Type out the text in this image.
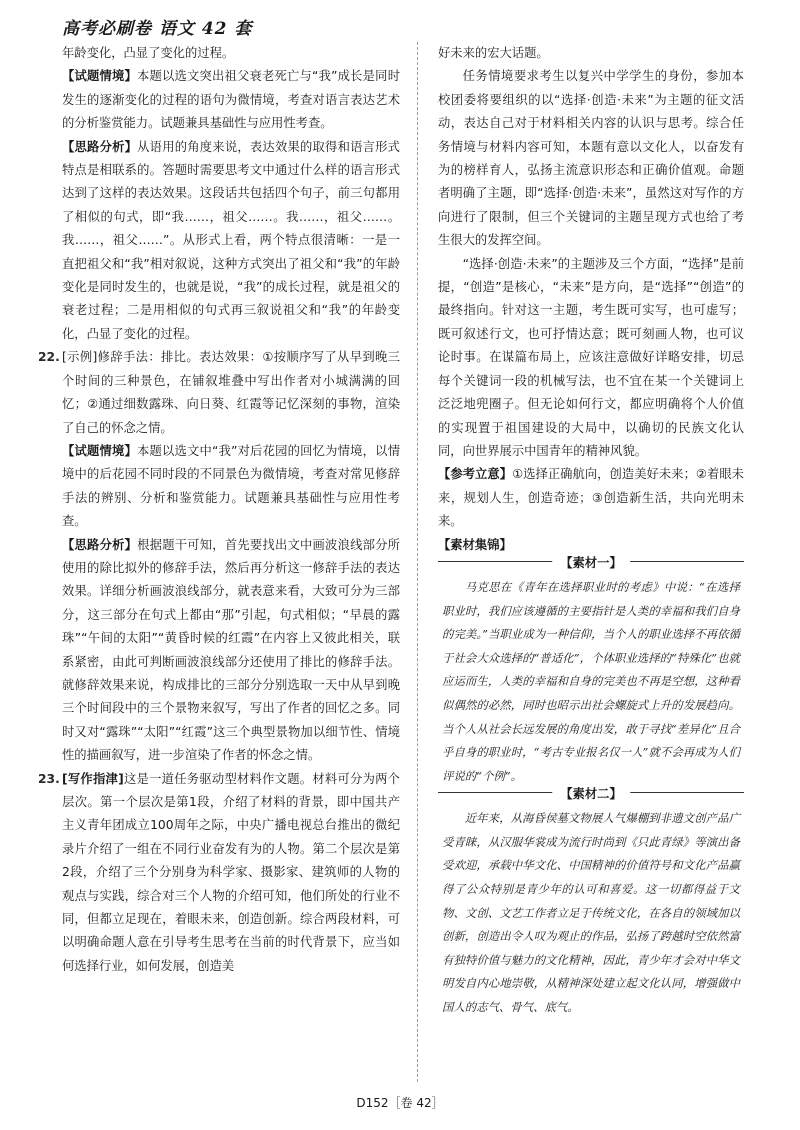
高考必刷卷 语文 42 套

年龄变化，凸显了变化的过程。

【试题情境】本题以选文突出祖父衰老死亡与“我”成长是同时发生的逐渐变化的过程的语句为微情境，考查对语言表达艺术的分析鉴赏能力。试题兼具基础性与应用性考查。

【思路分析】从语用的角度来说，表达效果的取得和语言形式特点是相联系的。答题时需要思考文中通过什么样的语言形式达到了这样的表达效果。这段话共包括四个句子，前三句都用了相似的句式，即“我……，祖父……。我……，祖父……。我……，祖父……”。从形式上看，两个特点很清晰：一是一直把祖父和“我”相对叙说，这种方式突出了祖父和“我”的年龄变化是同时发生的，也就是说，“我”的成长过程，就是祖父的衰老过程；二是用相似的句式再三叙说祖父和“我”的年龄变化，凸显了变化的过程。

22. [示例]修辞手法：排比。表达效果：①按顺序写了从早到晚三个时间的三种景色，在铺叙堆叠中写出作者对小城满满的回忆；②通过细数露珠、向日葵、红霞等记忆深刻的事物，渲染了自己的怀念之情。

【试题情境】本题以选文中“我”对后花园的回忆为情境，以情境中的后花园不同时段的不同景色为微情境，考查对常见修辞手法的辨别、分析和鉴赏能力。试题兼具基础性与应用性考查。

【思路分析】根据题干可知，首先要找出文中画波浪线部分所使用的除比拟外的修辞手法，然后再分析这一修辞手法的表达效果。详细分析画波浪线部分，就表意来看，大致可分为三部分，这三部分在句式上都由“那”引起，句式相似；“早晨的露珠”“午间的太阳”“黄昏时候的红霞”在内容上又彼此相关，联系紧密，由此可判断画波浪线部分还使用了排比的修辞手法。就修辞效果来说，构成排比的三部分分别选取一天中从早到晚三个时间段中的三个景物来叙写，写出了作者的回忆之多。同时又对“露珠”“太阳”“红霞”这三个典型景物加以细节性、情境性的描画叙写，进一步渲染了作者的怀念之情。

23. [写作指津]这是一道任务驱动型材料作文题。材料可分为两个层次。第一个层次是第1段，介绍了材料的背景，即中国共产主义青年团成立100周年之际，中央广播电视总台推出的微纪录片介绍了一组在不同行业奋发有为的人物。第二个层次是第2段，介绍了三个分别身为科学家、摄影家、建筑师的人物的观点与实践，综合对三个人物的介绍可知，他们所处的行业不同，但都立足现在，着眼未来，创造创新。综合两段材料，可以明确命题人意在引导考生思考在当前的时代背景下，应当如何选择行业，如何发展，创造美

好未来的宏大话题。

任务情境要求考生以复兴中学学生的身份，参加本校团委将要组织的以“选择·创造·未来”为主题的征文活动，表达自己对于材料相关内容的认识与思考。综合任务情境与材料内容可知，本题有意以文化人，以奋发有为的榜样育人，弘扬主流意识形态和正确价值观。命题者明确了主题，即“选择·创造·未来”，虽然这对写作的方向进行了限制，但三个关键词的主题呈现方式也给了考生很大的发挥空间。

“选择·创造·未来”的主题涉及三个方面，“选择”是前提，“创造”是核心，“未来”是方向，是“选择”“创造”的最终指向。针对这一主题，考生既可实写，也可虚写；既可叙述行文，也可抒情达意；既可刻画人物，也可议论时事。在谋篇布局上，应该注意做好详略安排，切忌每个关键词一段的机械写法，也不宜在某一个关键词上泛泛地兜圈子。但无论如何行文，都应明确将个人价值的实现置于祖国建设的大局中，以确切的民族文化认同，向世界展示中国青年的精神风貌。

【参考立意】①选择正确航向，创造美好未来；②着眼未来，规划人生，创造奇迹；③创造新生活，共向光明未来。

【素材集锦】

【素材一】

马克思在《青年在选择职业时的考虑》中说：“在选择职业时，我们应该遵循的主要指针是人类的幸福和我们自身的完美。”当职业成为一种信仰，当个人的职业选择不再依循于社会大众选择的“普适化”，个体职业选择的“特殊化”也就应运而生，人类的幸福和自身的完美也不再是空想，这种看似偶然的必然，同时也昭示出社会螺旋式上升的发展趋向。当个人从社会长远发展的角度出发，敢于寻找“差异化”且合乎自身的职业时，“考古专业报名仅一人”就不会再成为人们评说的“个例”。

【素材二】

近年来，从海昏侯墓文物展人气爆棚到非遗文创产品广受青睐，从汉服华裳成为流行时尚到《只此青绿》等演出备受欢迎，承载中华文化、中国精神的价值符号和文化产品赢得了公众特别是青少年的认可和喜爱。这一切都得益于文物、文创、文艺工作者立足于传统文化，在各自的领域加以创新，创造出令人叹为观止的作品，弘扬了跨越时空依然富有独特价值与魅力的文化精神，因此，青少年才会对中华文明发自内心地崇敬，从精神深处建立起文化认同，增强做中国人的志气、骨气、底气。

D152［卷 42］
